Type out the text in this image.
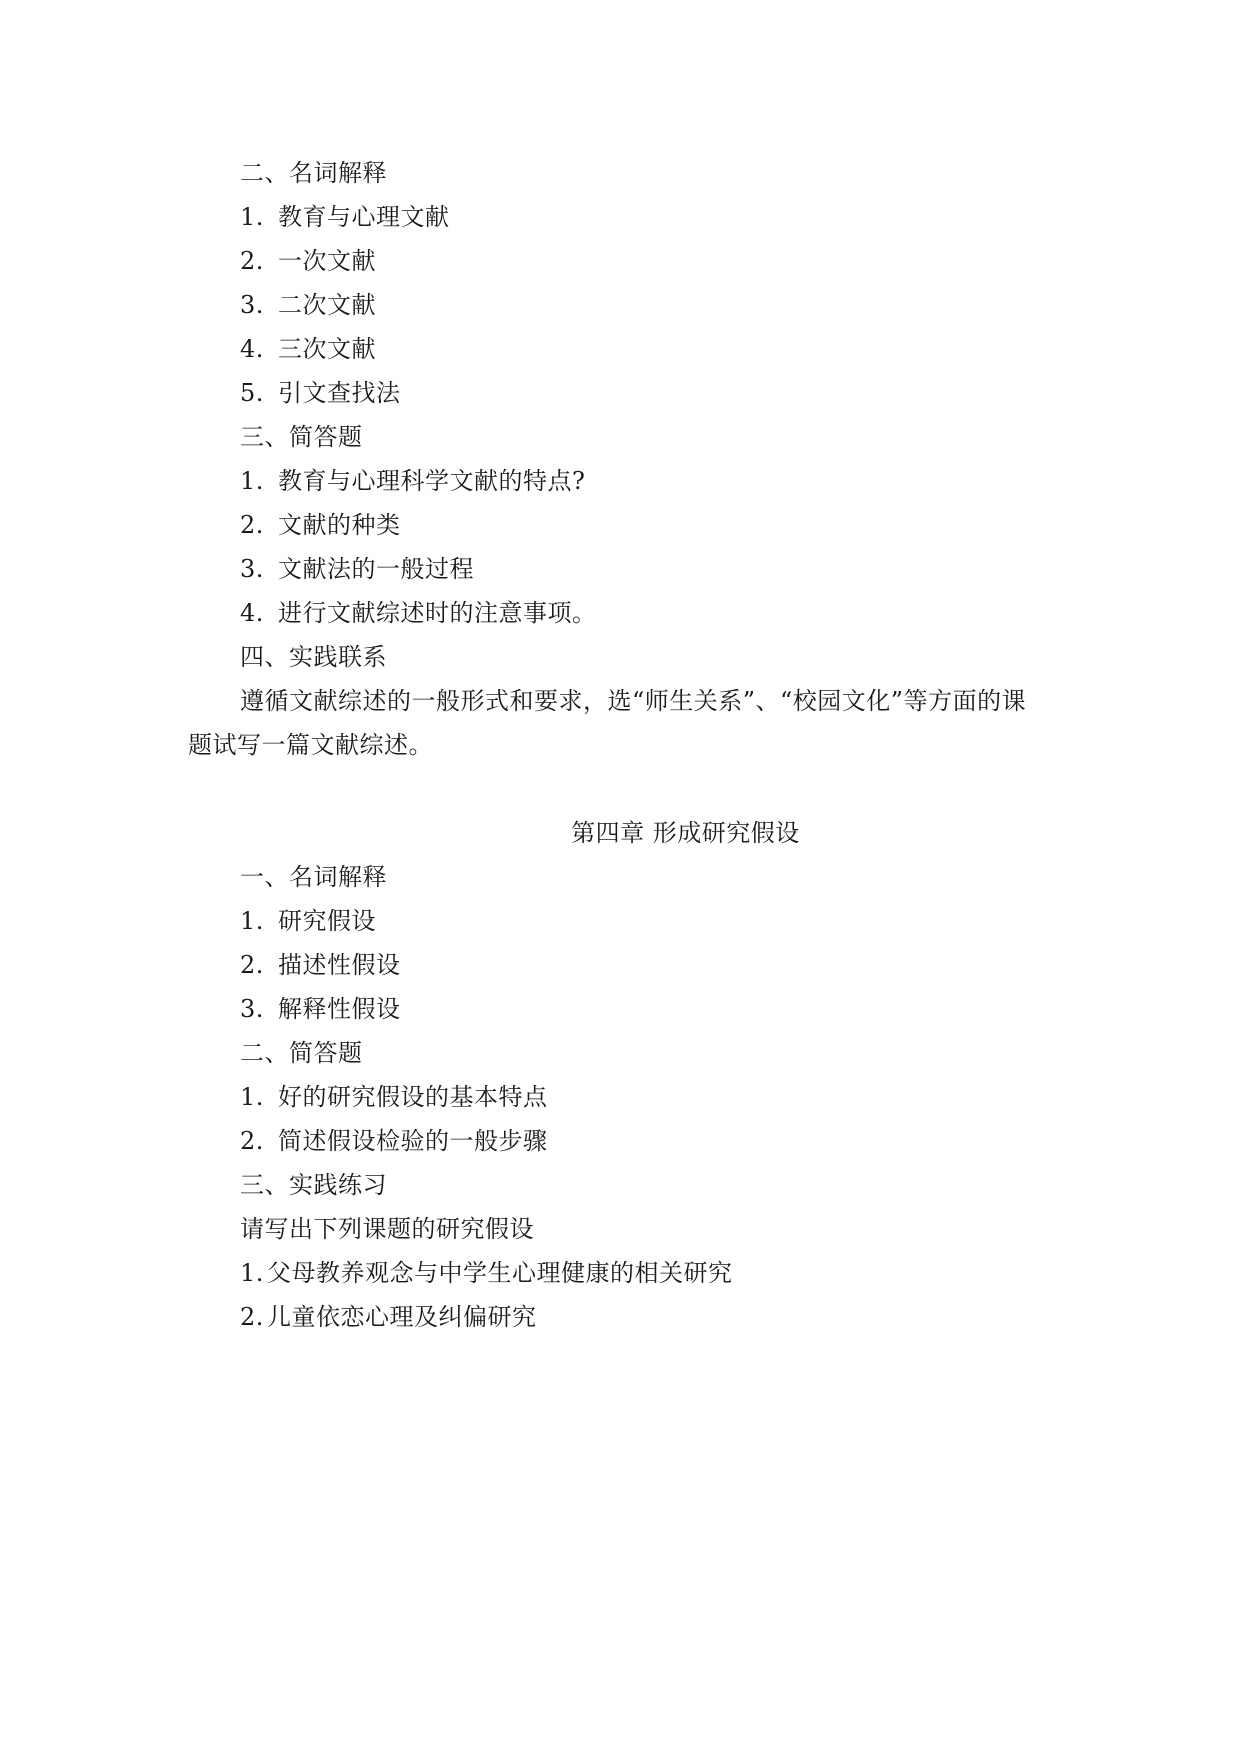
二、名词解释
1. 教育与心理文献
2. 一次文献
3. 二次文献
4. 三次文献
5. 引文查找法
三、简答题
1. 教育与心理科学文献的特点?
2. 文献的种类
3. 文献法的一般过程
4. 进行文献综述时的注意事项。
四、实践联系
遵循文献综述的一般形式和要求，选“师生关系”、“校园文化”等方面的课
题试写一篇文献综述。
第四章 形成研究假设
一、名词解释
1. 研究假设
2. 描述性假设
3. 解释性假设
二、简答题
1. 好的研究假设的基本特点
2. 简述假设检验的一般步骤
三、实践练习
请写出下列课题的研究假设
1. 父母教养观念与中学生心理健康的相关研究
2. 儿童依恋心理及纠偏研究
